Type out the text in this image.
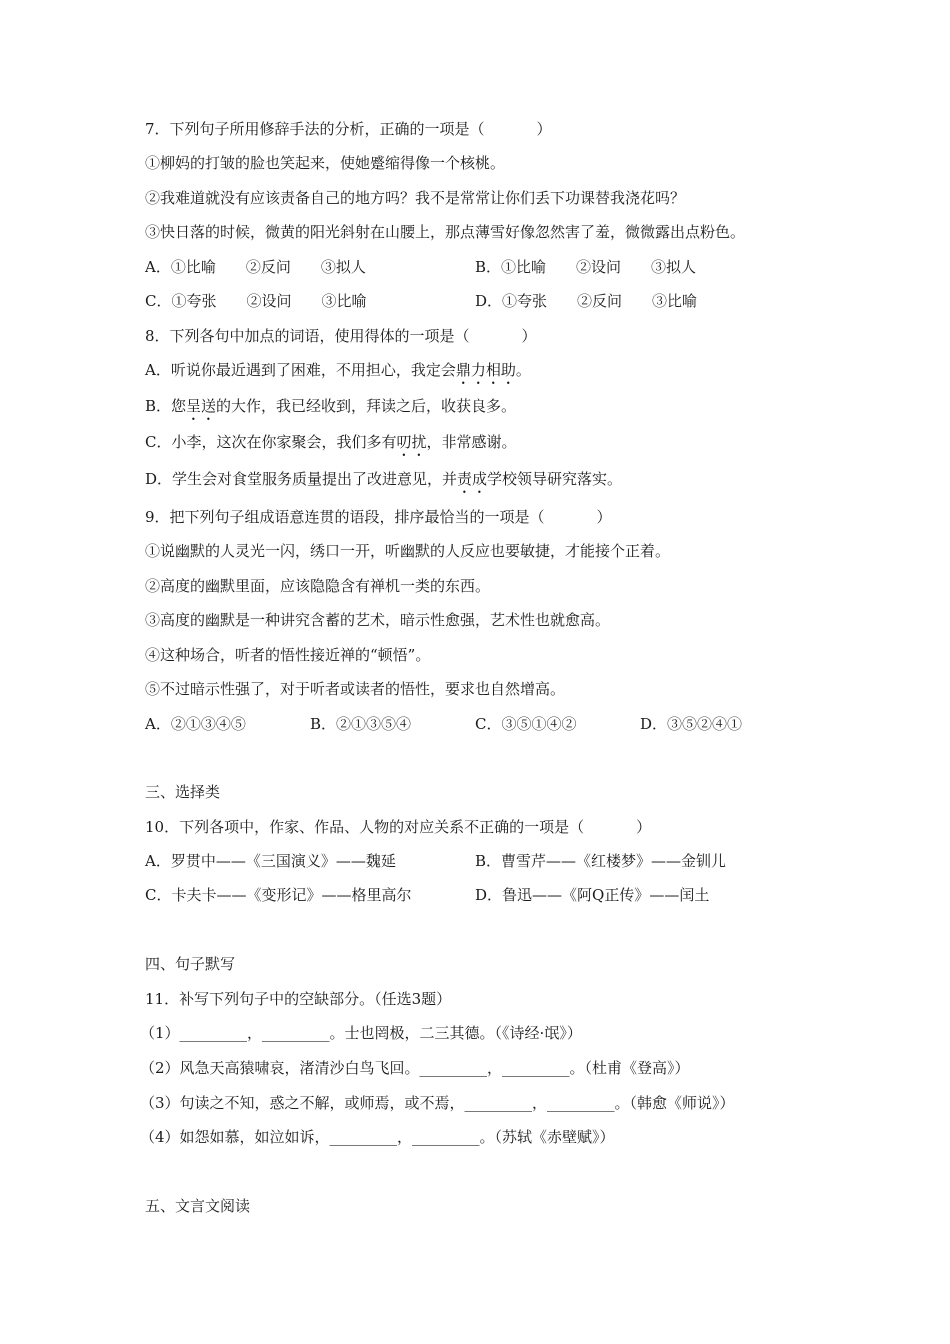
7．下列句子所用修辞手法的分析，正确的一项是（	）
①柳妈的打皱的脸也笑起来，使她蹙缩得像一个核桃。
②我难道就没有应该责备自己的地方吗？我不是常常让你们丢下功课替我浇花吗？
③快日落的时候，微黄的阳光斜射在山腰上，那点薄雪好像忽然害了羞，微微露出点粉色。
A．①比喻　　②反问　　③拟人	B．①比喻　　②设问　　③拟人
C．①夸张　　②设问　　③比喻	D．①夸张　　②反问　　③比喻
8．下列各句中加点的词语，使用得体的一项是（	）
A．听说你最近遇到了困难，不用担心，我定会鼎力相助。
B．您呈送的大作，我已经收到，拜读之后，收获良多。
C．小李，这次在你家聚会，我们多有叨扰，非常感谢。
D．学生会对食堂服务质量提出了改进意见，并责成学校领导研究落实。
9．把下列句子组成语意连贯的语段，排序最恰当的一项是（	）
①说幽默的人灵光一闪，绣口一开，听幽默的人反应也要敏捷，才能接个正着。
②高度的幽默里面，应该隐隐含有禅机一类的东西。
③高度的幽默是一种讲究含蓄的艺术，暗示性愈强，艺术性也就愈高。
④这种场合，听者的悟性接近禅的“顿悟”。
⑤不过暗示性强了，对于听者或读者的悟性，要求也自然增高。
A．②①③④⑤	B．②①③⑤④	C．③⑤①④②	D．③⑤②④①
三、选择类
10．下列各项中，作家、作品、人物的对应关系不正确的一项是（	）
A．罗贯中——《三国演义》——魏延	B．曹雪芹——《红楼梦》——金钏儿
C．卡夫卡——《变形记》——格里高尔	D．鲁迅——《阿Q正传》——闰土
四、句子默写
11．补写下列句子中的空缺部分。（任选3题）
（1）_________，_________。士也罔极，二三其德。（《诗经·氓》）
（2）风急天高猿啸哀，渚清沙白鸟飞回。_________，_________。（杜甫《登高》）
（3）句读之不知，惑之不解，或师焉，或不焉，_________，_________。（韩愈《师说》）
（4）如怨如慕，如泣如诉，_________，_________。（苏轼《赤壁赋》）
五、文言文阅读
